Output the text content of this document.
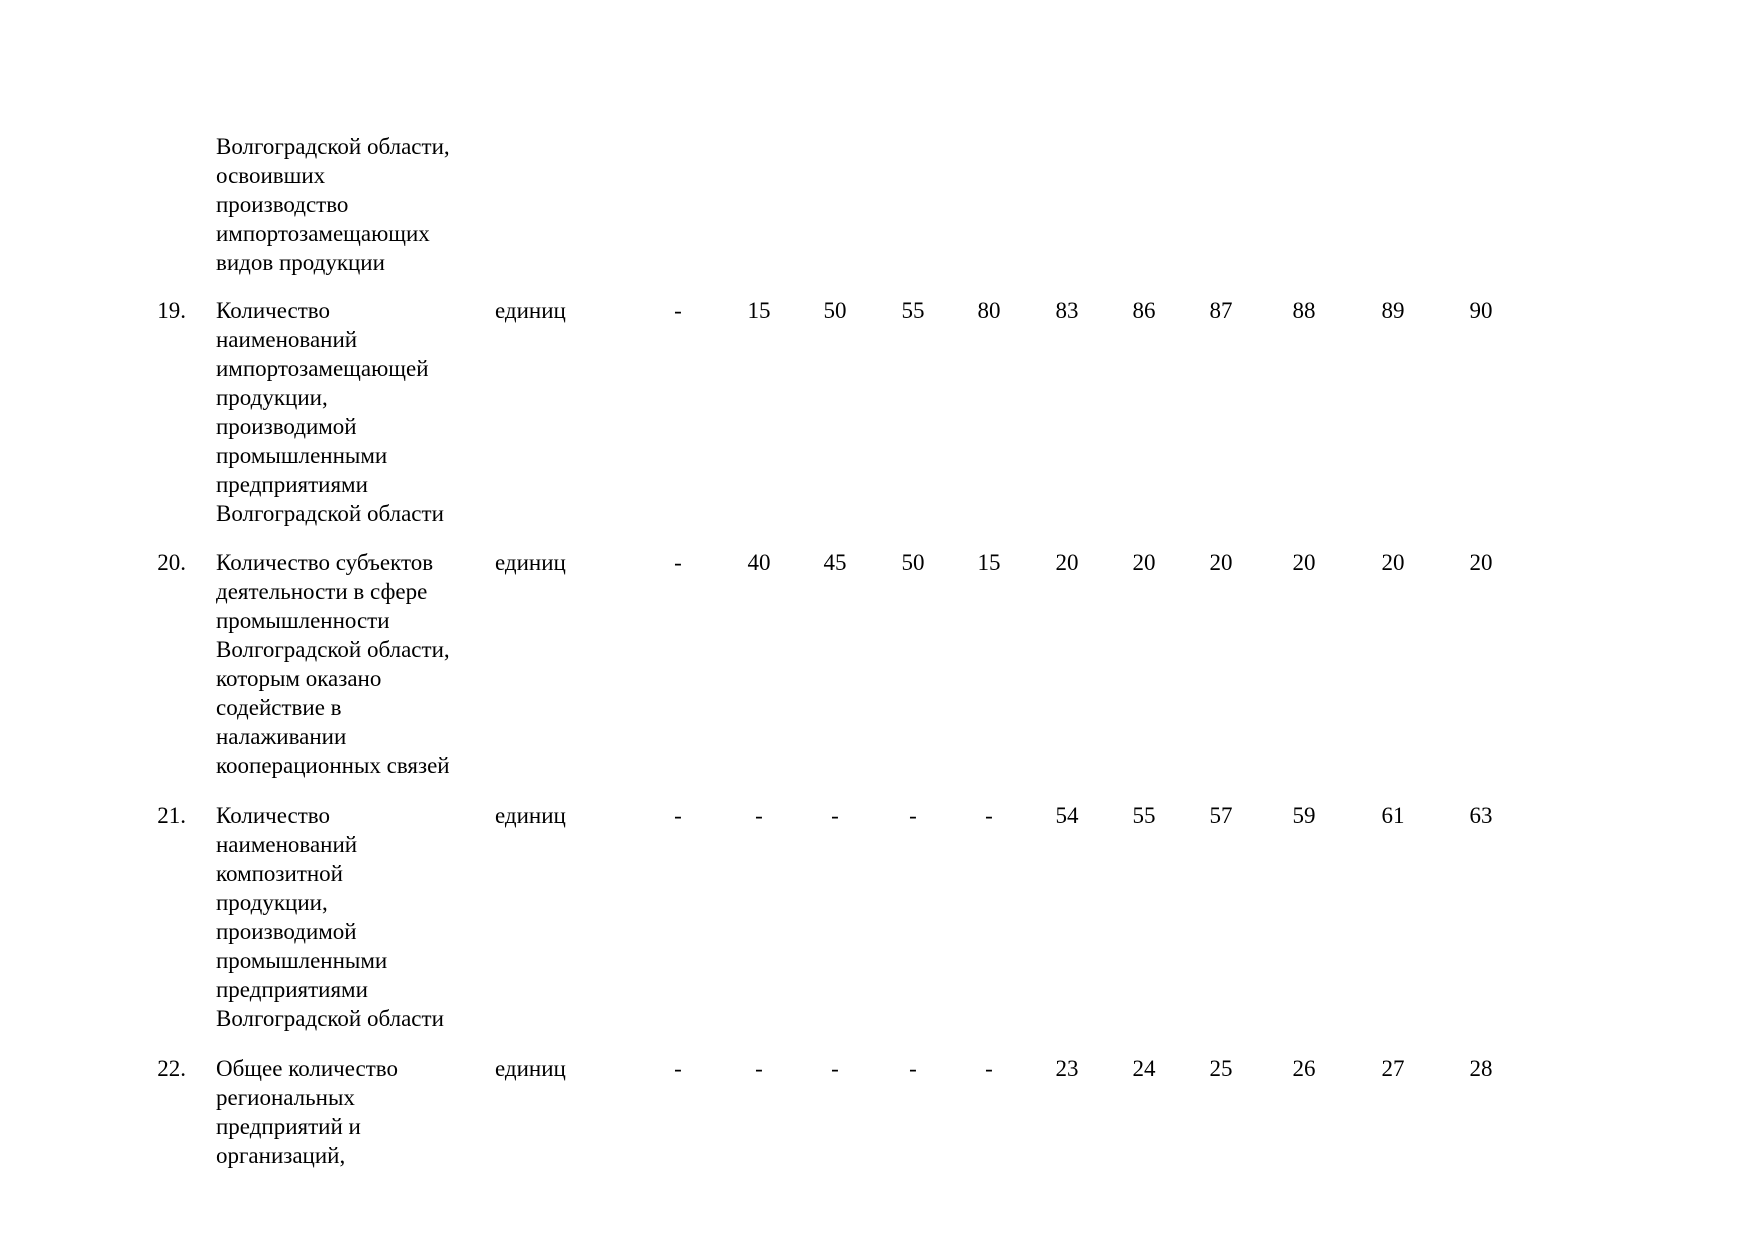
Волгоградской области,
освоивших
производство
импортозамещающих
видов продукции
19. Количество
наименований
импортозамещающей
продукции,
производимой
промышленными
предприятиями
Волгоградской области
единиц	-	15	50	55	80	83	86	87	88	89	90
20. Количество субъектов
деятельности в сфере
промышленности
Волгоградской области,
которым оказано
содействие в
налаживании
кооперационных связей
единиц	-	40	45	50	15	20	20	20	20	20	20
21. Количество
наименований
композитной
продукции,
производимой
промышленными
предприятиями
Волгоградской области
единиц	-	-	-	-	-	54	55	57	59	61	63
22. Общее количество
региональных
предприятий и
организаций,
единиц	-	-	-	-	-	23	24	25	26	27	28
